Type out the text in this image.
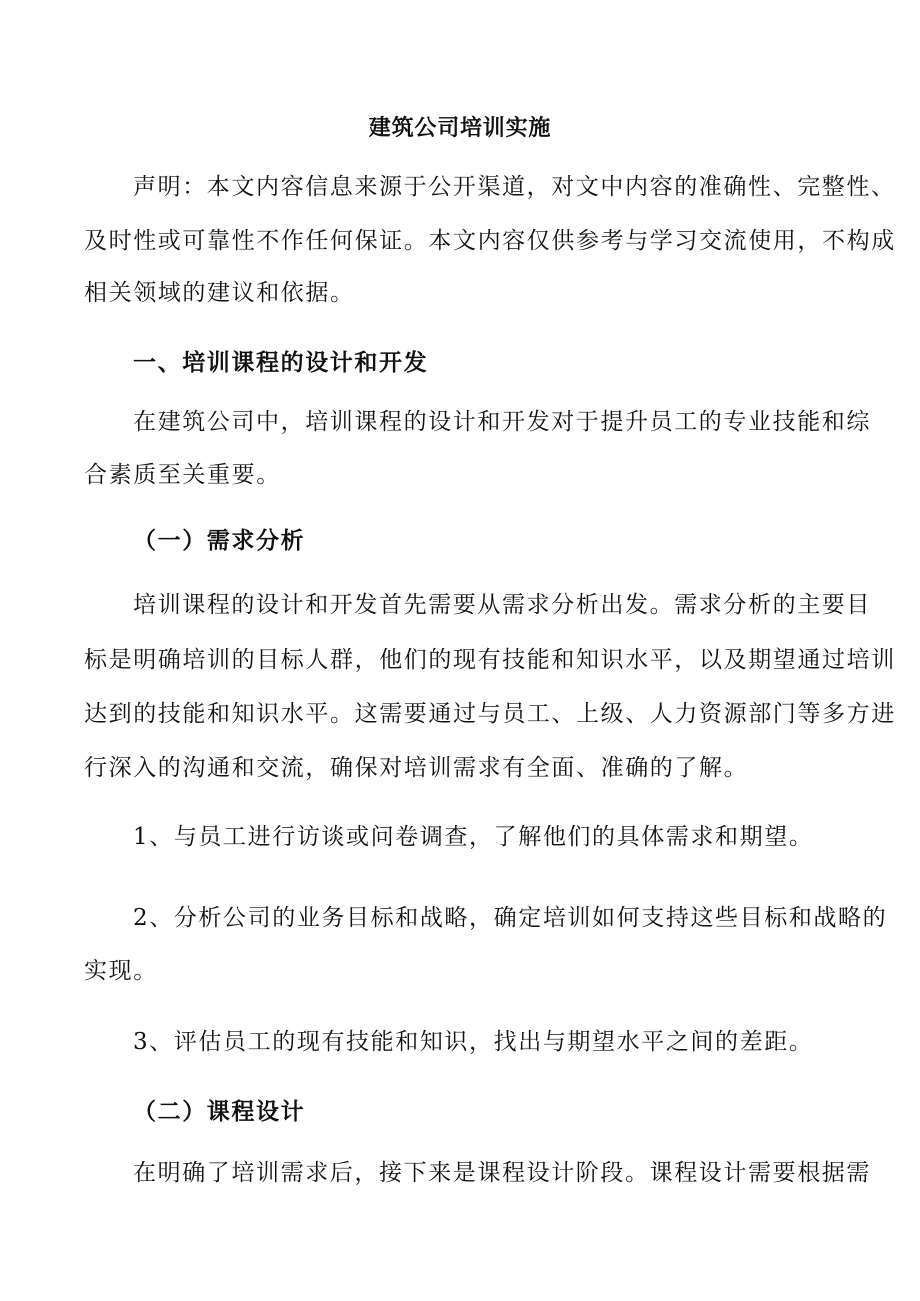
建筑公司培训实施

声明：本文内容信息来源于公开渠道，对文中内容的准确性、完整性、

及时性或可靠性不作任何保证。本文内容仅供参考与学习交流使用，不构成

相关领域的建议和依据。

一、培训课程的设计和开发

在建筑公司中，培训课程的设计和开发对于提升员工的专业技能和综

合素质至关重要。

（一）需求分析

培训课程的设计和开发首先需要从需求分析出发。需求分析的主要目

标是明确培训的目标人群，他们的现有技能和知识水平，以及期望通过培训

达到的技能和知识水平。这需要通过与员工、上级、人力资源部门等多方进

行深入的沟通和交流，确保对培训需求有全面、准确的了解。

1、与员工进行访谈或问卷调查，了解他们的具体需求和期望。

2、分析公司的业务目标和战略，确定培训如何支持这些目标和战略的

实现。

3、评估员工的现有技能和知识，找出与期望水平之间的差距。

（二）课程设计

在明确了培训需求后，接下来是课程设计阶段。课程设计需要根据需
